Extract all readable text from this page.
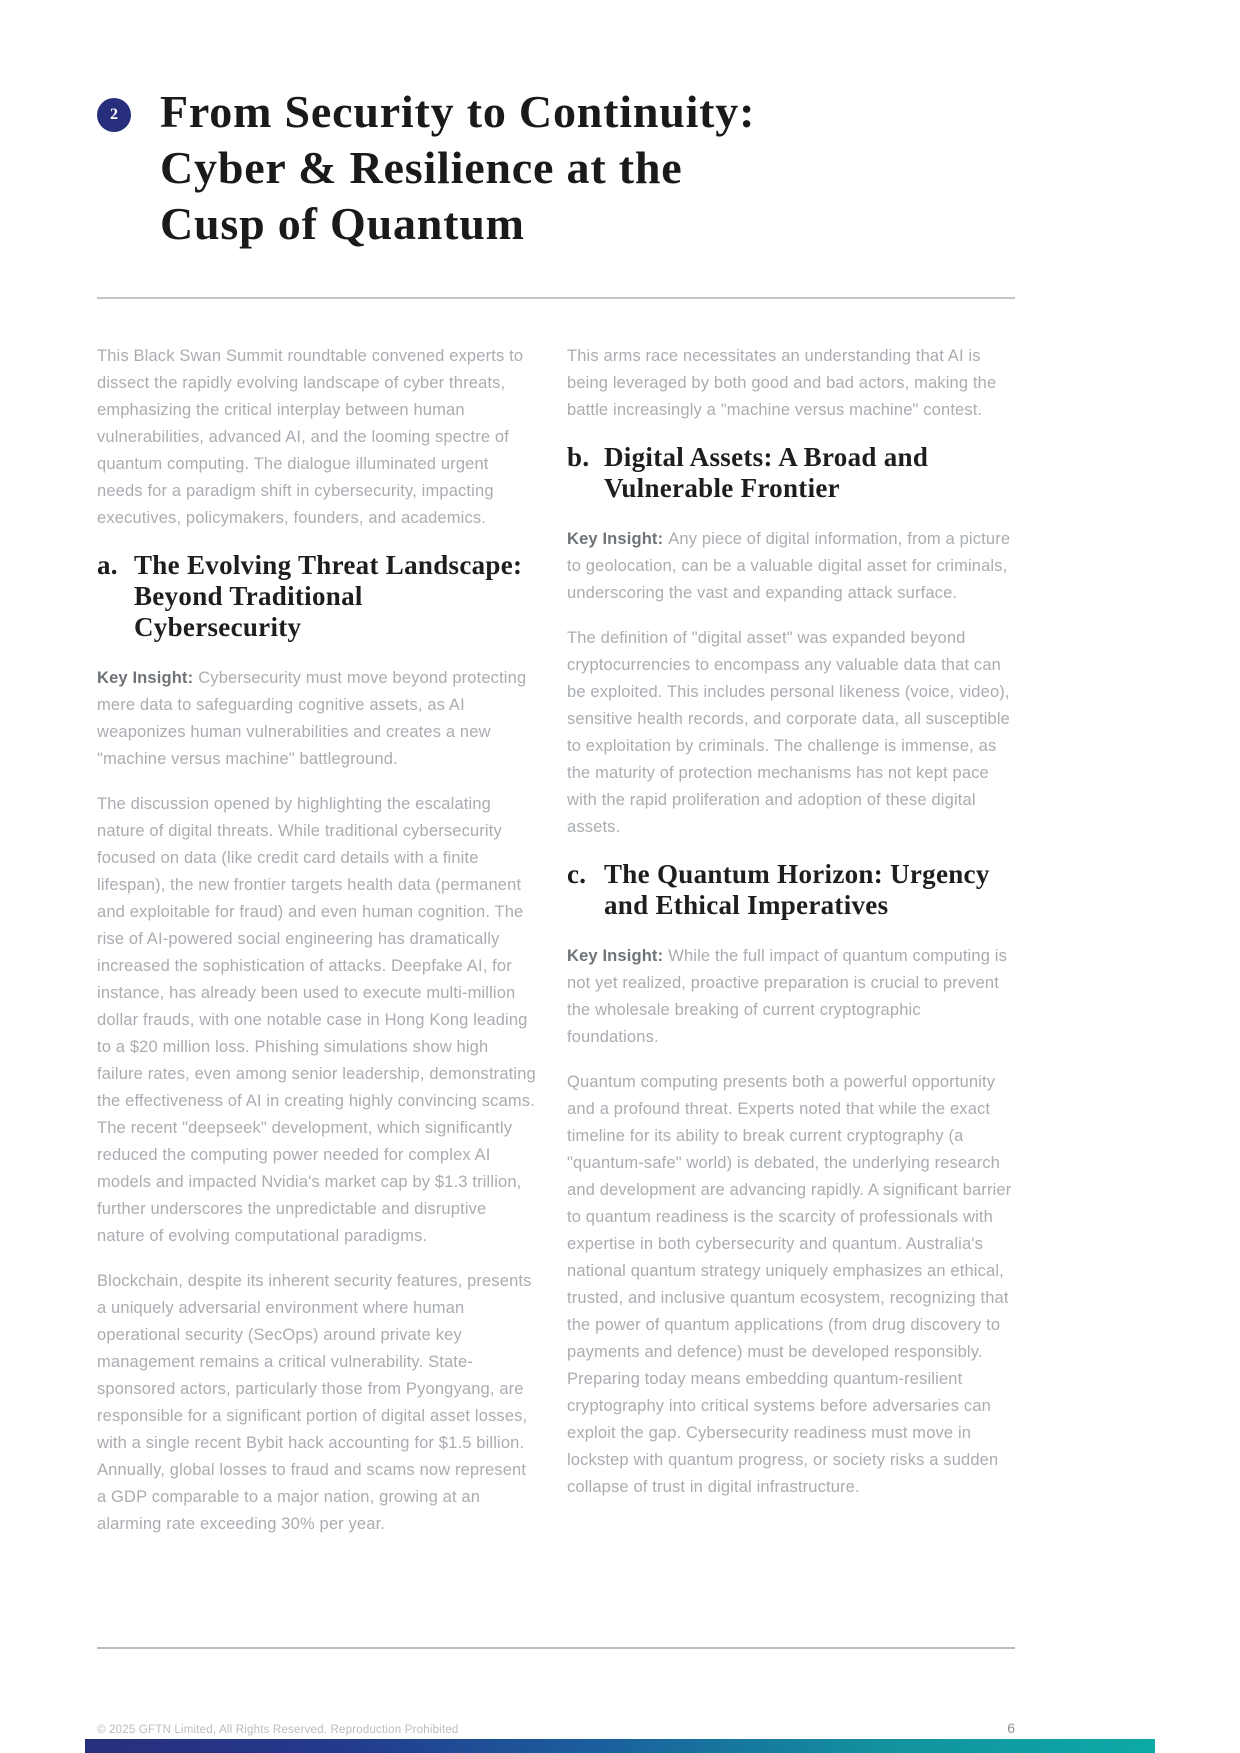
2 From Security to Continuity:
Cyber & Resilience at the
Cusp of Quantum

This Black Swan Summit roundtable convened experts to dissect the rapidly evolving landscape of cyber threats, emphasizing the critical interplay between human vulnerabilities, advanced AI, and the looming spectre of quantum computing. The dialogue illuminated urgent needs for a paradigm shift in cybersecurity, impacting executives, policymakers, founders, and academics.

a. The Evolving Threat Landscape: Beyond Traditional Cybersecurity

Key Insight: Cybersecurity must move beyond protecting mere data to safeguarding cognitive assets, as AI weaponizes human vulnerabilities and creates a new "machine versus machine" battleground.

The discussion opened by highlighting the escalating nature of digital threats. While traditional cybersecurity focused on data (like credit card details with a finite lifespan), the new frontier targets health data (permanent and exploitable for fraud) and even human cognition. The rise of AI-powered social engineering has dramatically increased the sophistication of attacks. Deepfake AI, for instance, has already been used to execute multi-million dollar frauds, with one notable case in Hong Kong leading to a $20 million loss. Phishing simulations show high failure rates, even among senior leadership, demonstrating the effectiveness of AI in creating highly convincing scams. The recent "deepseek" development, which significantly reduced the computing power needed for complex AI models and impacted Nvidia's market cap by $1.3 trillion, further underscores the unpredictable and disruptive nature of evolving computational paradigms.

Blockchain, despite its inherent security features, presents a uniquely adversarial environment where human operational security (SecOps) around private key management remains a critical vulnerability. State-sponsored actors, particularly those from Pyongyang, are responsible for a significant portion of digital asset losses, with a single recent Bybit hack accounting for $1.5 billion. Annually, global losses to fraud and scams now represent a GDP comparable to a major nation, growing at an alarming rate exceeding 30% per year.

This arms race necessitates an understanding that AI is being leveraged by both good and bad actors, making the battle increasingly a "machine versus machine" contest.

b. Digital Assets: A Broad and Vulnerable Frontier

Key Insight: Any piece of digital information, from a picture to geolocation, can be a valuable digital asset for criminals, underscoring the vast and expanding attack surface.

The definition of "digital asset" was expanded beyond cryptocurrencies to encompass any valuable data that can be exploited. This includes personal likeness (voice, video), sensitive health records, and corporate data, all susceptible to exploitation by criminals. The challenge is immense, as the maturity of protection mechanisms has not kept pace with the rapid proliferation and adoption of these digital assets.

c. The Quantum Horizon: Urgency and Ethical Imperatives

Key Insight: While the full impact of quantum computing is not yet realized, proactive preparation is crucial to prevent the wholesale breaking of current cryptographic foundations.

Quantum computing presents both a powerful opportunity and a profound threat. Experts noted that while the exact timeline for its ability to break current cryptography (a "quantum-safe" world) is debated, the underlying research and development are advancing rapidly. A significant barrier to quantum readiness is the scarcity of professionals with expertise in both cybersecurity and quantum. Australia's national quantum strategy uniquely emphasizes an ethical, trusted, and inclusive quantum ecosystem, recognizing that the power of quantum applications (from drug discovery to payments and defence) must be developed responsibly. Preparing today means embedding quantum-resilient cryptography into critical systems before adversaries can exploit the gap. Cybersecurity readiness must move in lockstep with quantum progress, or society risks a sudden collapse of trust in digital infrastructure.

© 2025 GFTN Limited, All Rights Reserved. Reproduction Prohibited	6
